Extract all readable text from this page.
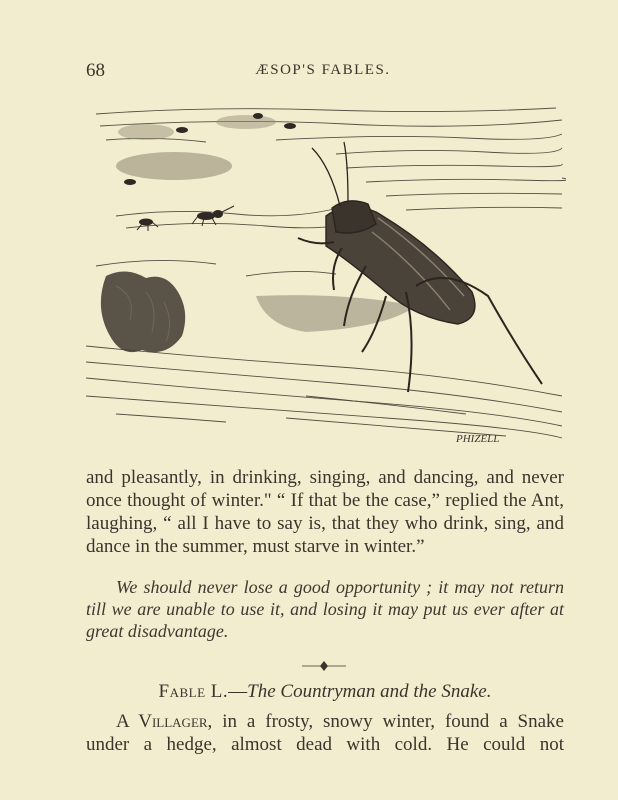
68	ÆSOP'S FABLES.
PHIZELL

and pleasantly, in drinking, singing, and dancing, and never once thought of winter." “ If that be the case,” replied the Ant, laughing, “ all I have to say is, that they who drink, sing, and dance in the summer, must starve in winter.”

We should never lose a good opportunity ; it may not return till we are unable to use it, and losing it may put us ever after at great disadvantage.

Fable L.—The Countryman and the Snake.

A Villager, in a frosty, snowy winter, found a Snake under a hedge, almost dead with cold. He could not
